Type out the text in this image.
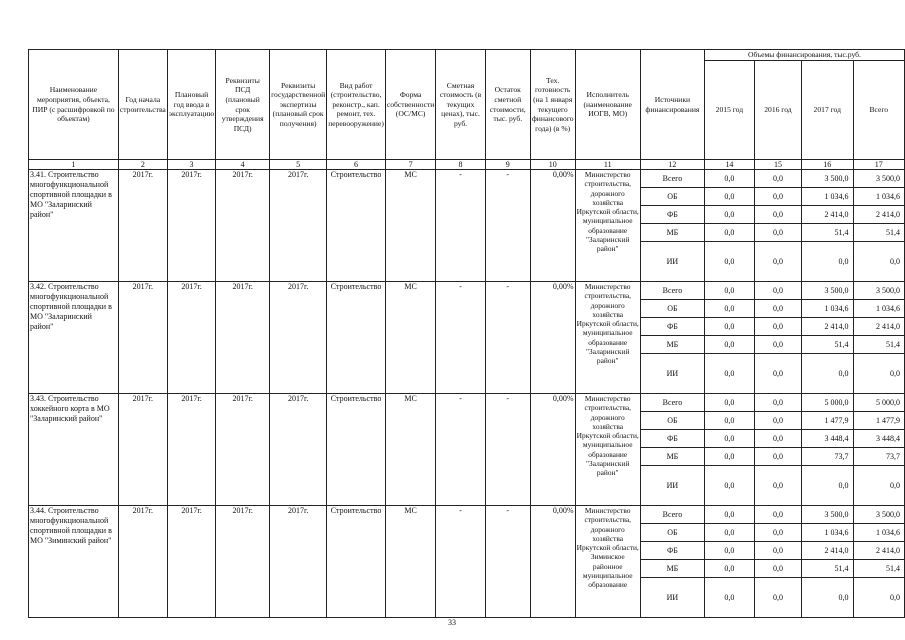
Наименование мероприятия, объекта, ПИР (с расшифровкой по объектам)	Год начала строительства	Плановый год ввода в эксплуатацию	Реквизиты ПСД (плановый срок утверждения ПСД)	Реквизиты государственной экспертизы (плановый срок получения)	Вид работ (строительство, реконстр., кап. ремонт, тех. перевооружение)	Форма собственности (ОС/МС)	Сметная стоимость (в текущих ценах), тыс. руб.	Остаток сметной стоимости, тыс. руб.	Тех. готовность (на 1 января текущего финансового года) (в %)	Исполнитель (наименование ИОГВ, МО)	Источники финансирования	Объемы финансирования, тыс.руб.			
												2015 год	2016 год	2017 год	Всего
1	2	3	4	5	6	7	8	9	10	11	12	14	15	16	17
3.41. Строительство многофункциональной спортивной площадки в МО "Заларинский район"	2017г.	2017г.	2017г.	2017г.	Строительство	МС	-	-	0,00%	Министерство строительства, дорожного хозяйства Иркутской области, муниципальное образование "Заларинский район"	Всего	0,0	0,0	3 500,0	3 500,0
											ОБ	0,0	0,0	1 034,6	1 034,6
											ФБ	0,0	0,0	2 414,0	2 414,0
											МБ	0,0	0,0	51,4	51,4
											ИИ	0,0	0,0	0,0	0,0
3.42. Строительство многофункциональной спортивной площадки в МО "Заларинский район"	2017г.	2017г.	2017г.	2017г.	Строительство	МС	-	-	0,00%	Министерство строительства, дорожного хозяйства Иркутской области, муниципальное образование "Заларинский район"	Всего	0,0	0,0	3 500,0	3 500,0
											ОБ	0,0	0,0	1 034,6	1 034,6
											ФБ	0,0	0,0	2 414,0	2 414,0
											МБ	0,0	0,0	51,4	51,4
											ИИ	0,0	0,0	0,0	0,0
3.43. Строительство хоккейного корта в МО "Заларинский район"	2017г.	2017г.	2017г.	2017г.	Строительство	МС	-	-	0,00%	Министерство строительства, дорожного хозяйства Иркутской области, муниципальное образование "Заларинский район"	Всего	0,0	0,0	5 000,0	5 000,0
											ОБ	0,0	0,0	1 477,9	1 477,9
											ФБ	0,0	0,0	3 448,4	3 448,4
											МБ	0,0	0,0	73,7	73,7
											ИИ	0,0	0,0	0,0	0,0
3.44. Строительство многофункциональной спортивной площадки в МО "Зиминский район"	2017г.	2017г.	2017г.	2017г.	Строительство	МС	-	-	0,00%	Министерство строительства, дорожного хозяйства Иркутской области, Зиминское районное муниципальное образование	Всего	0,0	0,0	3 500,0	3 500,0
											ОБ	0,0	0,0	1 034,6	1 034,6
											ФБ	0,0	0,0	2 414,0	2 414,0
											МБ	0,0	0,0	51,4	51,4
											ИИ	0,0	0,0	0,0	0,0
33
